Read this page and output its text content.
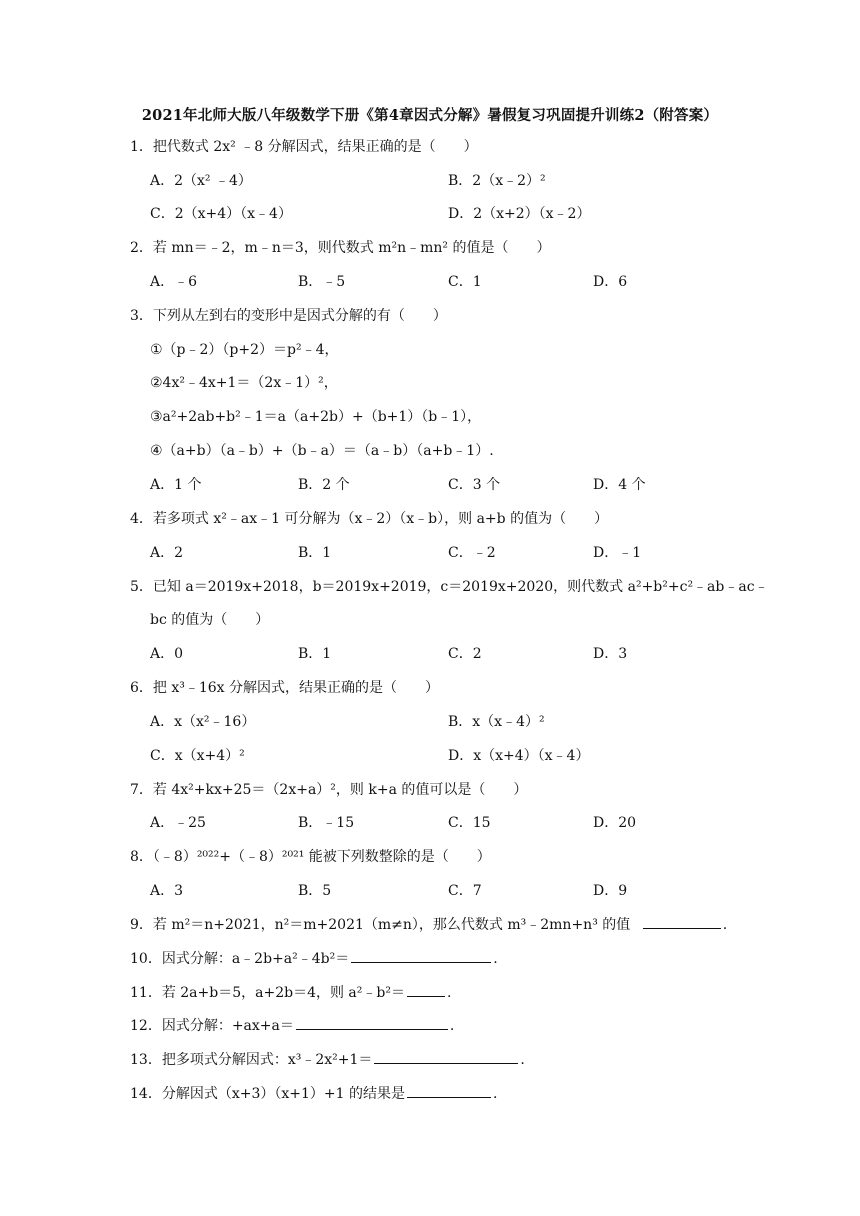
2021年北师大版八年级数学下册《第4章因式分解》暑假复习巩固提升训练2（附答案）
1．把代数式 2x² ﹣8 分解因式，结果正确的是（　　）
A．2（x² ﹣4）	B．2（x﹣2）²
C．2（x+4）（x﹣4）	D．2（x+2）（x﹣2）
2．若 mn＝﹣2，m﹣n＝3，则代数式 m²n﹣mn² 的值是（　　）
A．﹣6	B．﹣5	C．1	D．6
3．下列从左到右的变形中是因式分解的有（　　）
①（p﹣2）（p+2）＝p²﹣4，
②4x²﹣4x+1＝（2x﹣1）²，
③a²+2ab+b²﹣1＝a（a+2b）+（b+1）（b﹣1），
④（a+b）（a﹣b）+（b﹣a）＝（a﹣b）（a+b﹣1）.
A．1 个	B．2 个	C．3 个	D．4 个
4．若多项式 x²﹣ax﹣1 可分解为（x﹣2）（x﹣b），则 a+b 的值为（　　）
A．2	B．1	C．﹣2	D．﹣1
5．已知 a＝2019x+2018，b＝2019x+2019，c＝2019x+2020，则代数式 a²+b²+c²﹣ab﹣ac﹣
bc 的值为（　　）
A．0	B．1	C．2	D．3
6．把 x³﹣16x 分解因式，结果正确的是（　　）
A．x（x²﹣16）	B．x（x﹣4）²
C．x（x+4）²	D．x（x+4）（x﹣4）
7．若 4x²+kx+25＝（2x+a）²，则 k+a 的值可以是（　　）
A．﹣25	B．﹣15	C．15	D．20
8．（﹣8）²⁰²²+（﹣8）²⁰²¹ 能被下列数整除的是（　　）
A．3	B．5	C．7	D．9
9．若 m²＝n+2021，n²＝m+2021（m≠n），那么代数式 m³﹣2mn+n³ 的值	.
10．因式分解：a﹣2b+a²﹣4b²＝	.
11．若 2a+b＝5，a+2b＝4，则 a²﹣b²＝	.
12．因式分解：+ax+a＝	.
13．把多项式分解因式：x³﹣2x²+1＝	.
14．分解因式（x+3）（x+1）+1 的结果是	.
